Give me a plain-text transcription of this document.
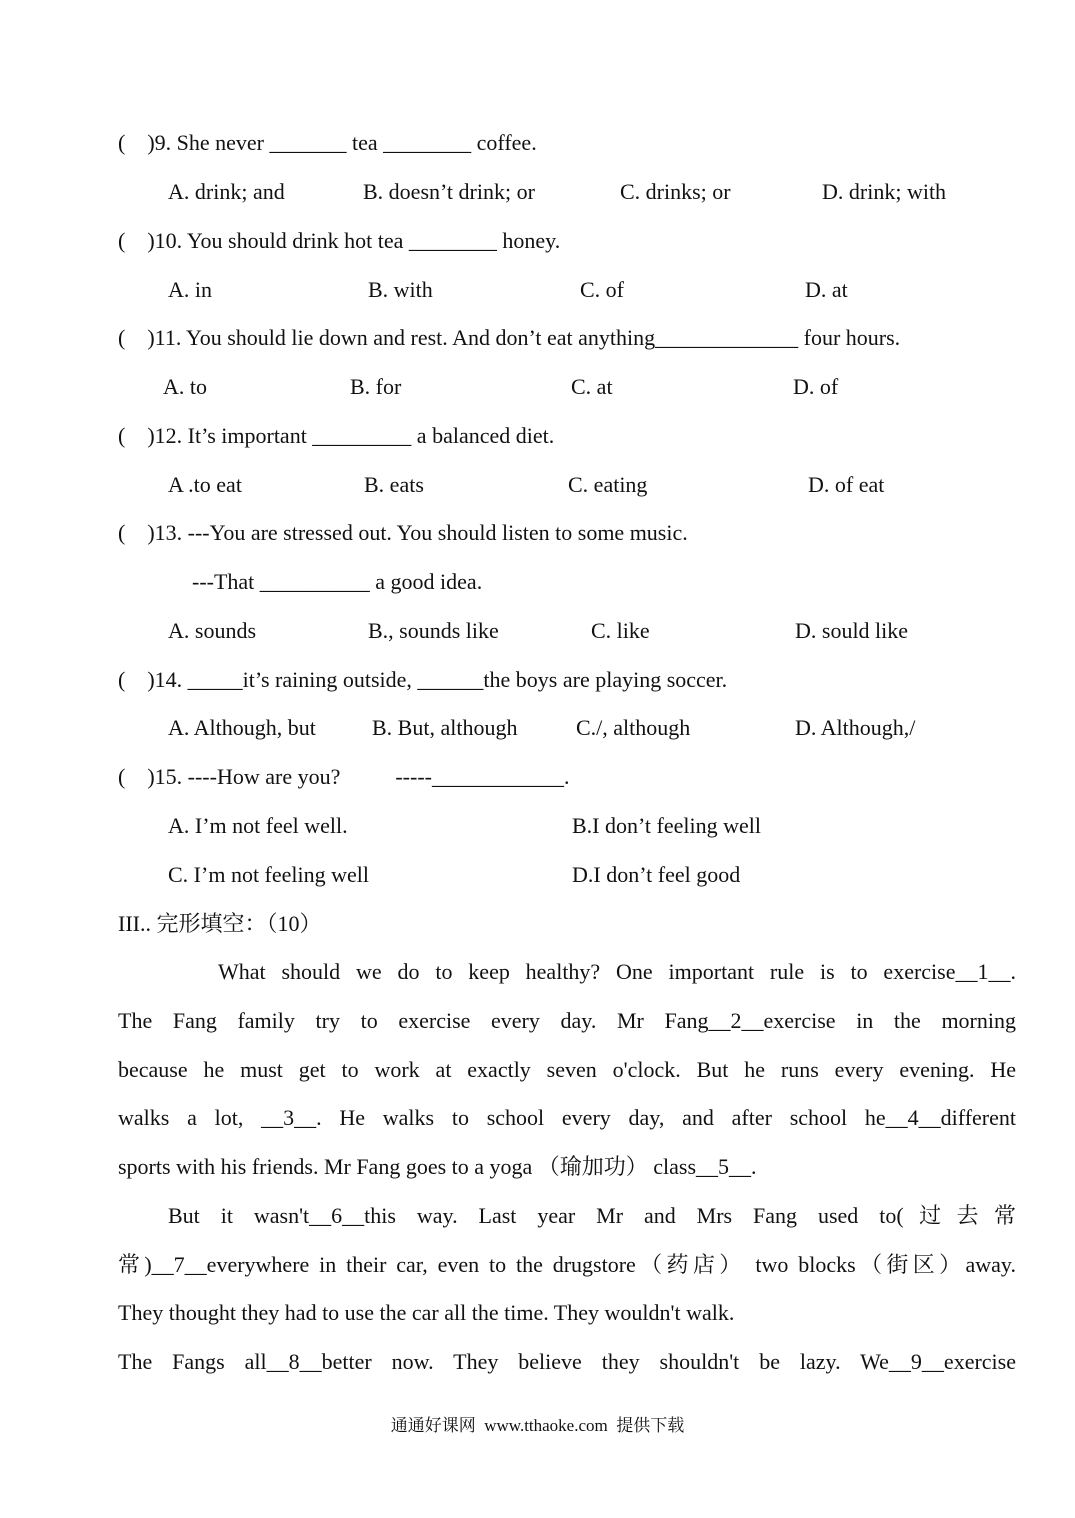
(    )9. She never _______ tea ________ coffee.
A. drink; and	B. doesn’t drink; or	C. drinks; or	D. drink; with
(    )10. You should drink hot tea ________ honey.
A. in	B. with	C. of	D. at
(    )11. You should lie down and rest. And don’t eat anything_____________ four hours.
A. to	B. for	C. at	D. of
(    )12. It’s important _________ a balanced diet.
A .to eat	B. eats	C. eating	D. of eat
(    )13. ---You are stressed out. You should listen to some music.
---That __________ a good idea.
A. sounds	B., sounds like	C. like	D. sould like
(    )14. _____it’s raining outside, ______the boys are playing soccer.
A. Although, but	B. But, although	C./, although	D. Although,/
(    )15. ----How are you?          -----____________.
A. I’m not feel well.	B.I don’t feeling well
C. I’m not feeling well	D.I don’t feel good
III.. 完形填空：（10）
What should we do to keep healthy? One important rule is to exercise__1__.
The Fang family try to exercise every day. Mr Fang__2__exercise in the morning
because he must get to work at exactly seven o'clock. But he runs every evening. He
walks a lot, __3__. He walks to school every day, and after school he__4__different
sports with his friends. Mr Fang goes to a yoga （瑜加功） class__5__.
But it wasn't__6__this way. Last year Mr and Mrs Fang used to(过去常
常)__7__everywhere in their car, even to the drugstore（药店） two blocks（街区）away.
They thought they had to use the car all the time. They wouldn't walk.
The Fangs all__8__better now. They believe they shouldn't be lazy. We__9__exercise
通通好课网  www.tthaoke.com  提供下载
